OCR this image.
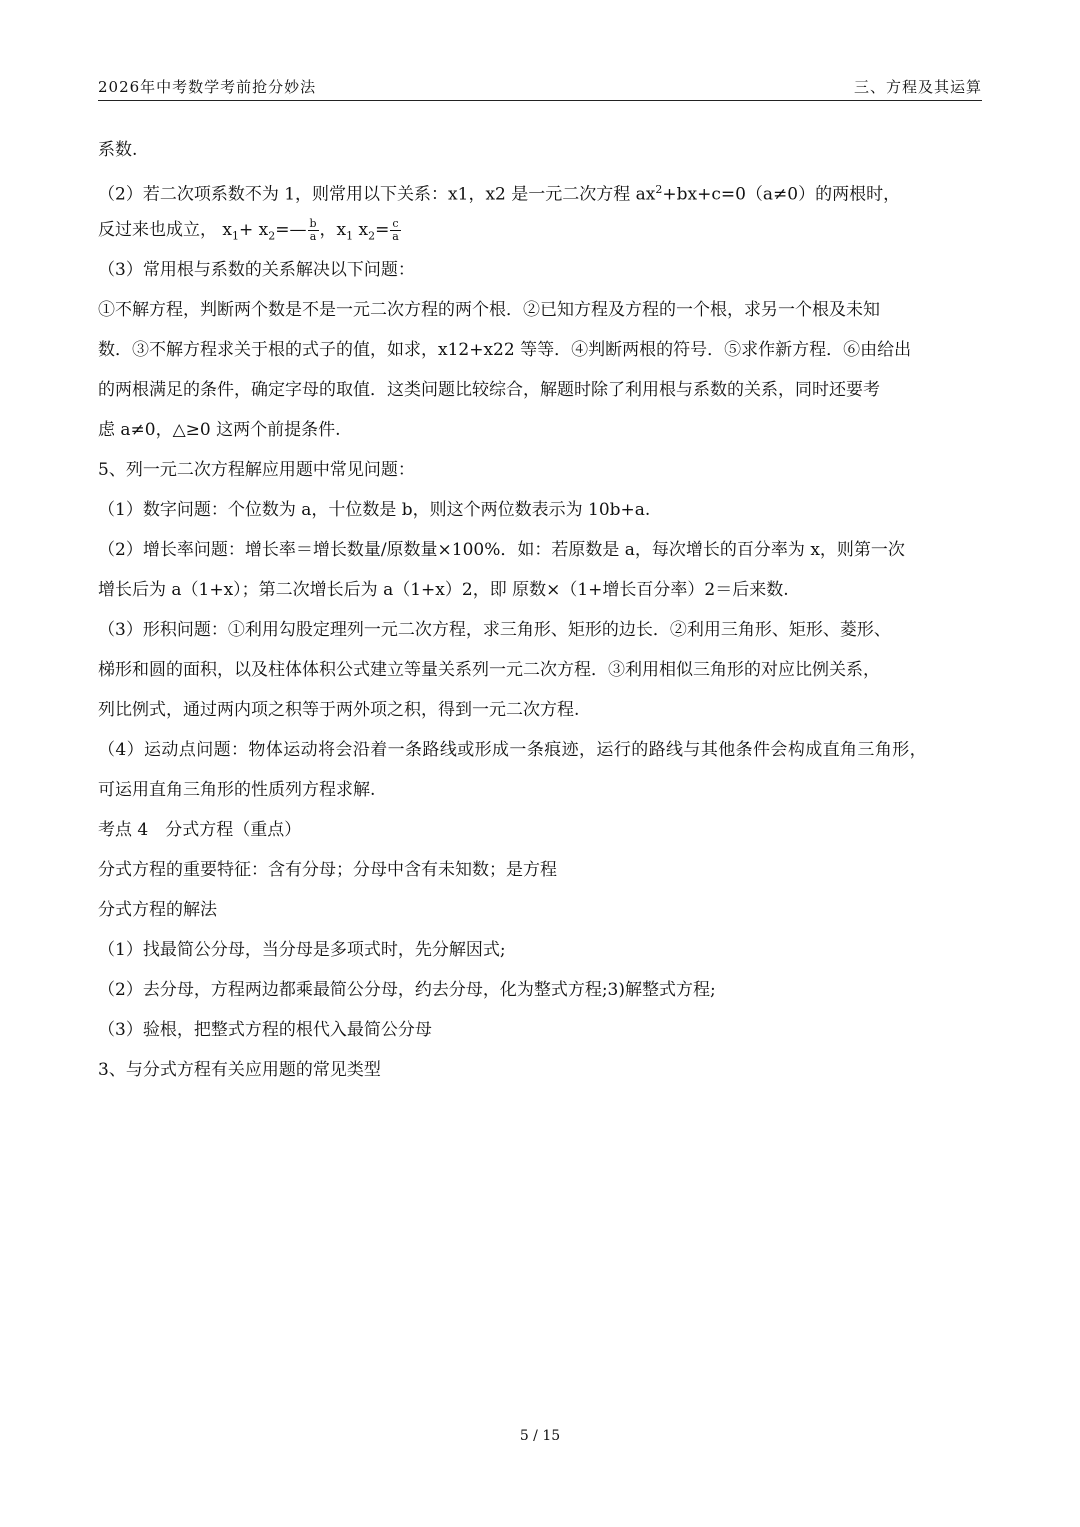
2026年中考数学考前抢分妙法	三、方程及其运算
系数.
（2）若二次项系数不为 1，则常用以下关系：x1，x2 是一元二次方程 $ax^2+bx+c=0(a\ne 0)$的两根时，
反过来也成立， $x_1+$ $x_2=— \frac{b}{a}$ ，$x_1$ $x_2= \frac{c}{a}$
（3）常用根与系数的关系解决以下问题：
①不解方程，判断两个数是不是一元二次方程的两个根．②已知方程及方程的一个根，求另一个根及未知
数．③不解方程求关于根的式子的值，如求，x12+x22 等等．④判断两根的符号．⑤求作新方程．⑥由给出
的两根满足的条件，确定字母的取值．这类问题比较综合，解题时除了利用根与系数的关系，同时还要考
虑 a≠0，△≥0 这两个前提条件.
5、列一元二次方程解应用题中常见问题：
（1）数字问题：个位数为 a，十位数是 b，则这个两位数表示为 10b+a.
（2）增长率问题：增长率＝增长数量/原数量×100%．如：若原数是 a，每次增长的百分率为 x，则第一次
增长后为 a（1+x）；第二次增长后为 a（1+x）2，即 原数×（1+增长百分率）2＝后来数.
（3）形积问题：①利用勾股定理列一元二次方程，求三角形、矩形的边长．②利用三角形、矩形、菱形、
梯形和圆的面积，以及柱体体积公式建立等量关系列一元二次方程．③利用相似三角形的对应比例关系，
列比例式，通过两内项之积等于两外项之积，得到一元二次方程.
（4）运动点问题：物体运动将会沿着一条路线或形成一条痕迹，运行的路线与其他条件会构成直角三角形，
可运用直角三角形的性质列方程求解.
考点 4　分式方程（重点）
分式方程的重要特征：含有分母；分母中含有未知数；是方程
分式方程的解法
（1）找最简公分母，当分母是多项式时，先分解因式;
（2）去分母，方程两边都乘最简公分母，约去分母，化为整式方程;3)解整式方程;
（3）验根，把整式方程的根代入最简公分母
3、与分式方程有关应用题的常见类型
5 / 15
